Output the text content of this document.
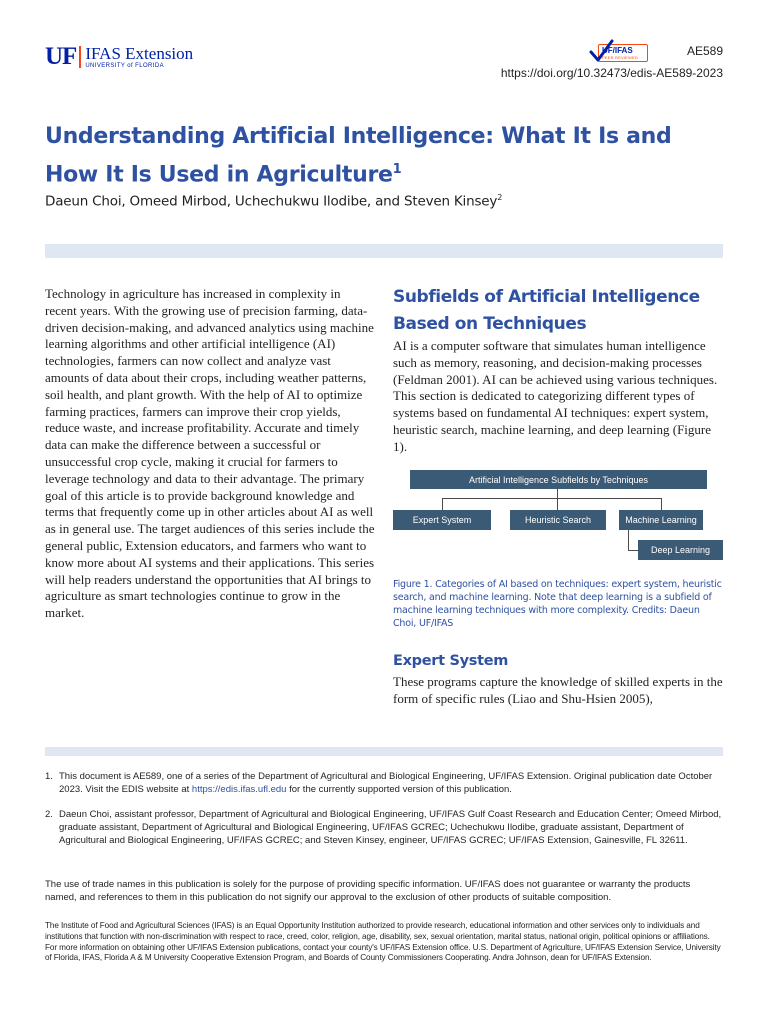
UF IFAS Extension
UNIVERSITY of FLORIDA
UF/IFAS
PEER REVIEWED	AE589
https://doi.org/10.32473/edis-AE589-2023
Understanding Artificial Intelligence: What It Is and How It Is Used in Agriculture$^1$
Daeun Choi, Omeed Mirbod, Uchechukwu Ilodibe, and Steven Kinsey$^2$

Technology in agriculture has increased in complexity in recent years. With the growing use of precision farming, data-driven decision-making, and advanced analytics using machine learning algorithms and other artificial intelligence (AI) technologies, farmers can now collect and analyze vast amounts of data about their crops, including weather patterns, soil health, and plant growth. With the help of AI to optimize farming practices, farmers can improve their crop yields, reduce waste, and increase profitability. Accurate and timely data can make the difference between a successful or unsuccessful crop cycle, making it crucial for farmers to leverage technology and data to their advantage. The primary goal of this article is to provide background knowledge and terms that frequently come up in other articles about AI as well as in general use. The target audiences of this series include the general public, Extension educators, and farmers who want to know more about AI systems and their applications. This series will help readers understand the opportunities that AI brings to agriculture as smart technologies continue to grow in the market.

Subfields of Artificial Intelligence Based on Techniques

AI is a computer software that simulates human intelligence such as memory, reasoning, and decision-making processes (Feldman 2001). AI can be achieved using various techniques. This section is dedicated to categorizing different types of systems based on fundamental AI techniques: expert system, heuristic search, machine learning, and deep learning (Figure 1).

Artificial Intelligence Subfields by Techniques
Expert System	Heuristic Search	Machine Learning
Deep Learning

Figure 1. Categories of AI based on techniques: expert system, heuristic search, and machine learning. Note that deep learning is a subfield of machine learning techniques with more complexity. Credits: Daeun Choi, UF/IFAS

Expert System

These programs capture the knowledge of skilled experts in the form of specific rules (Liao and Shu-Hsien 2005),

1. This document is AE589, one of a series of the Department of Agricultural and Biological Engineering, UF/IFAS Extension. Original publication date October 2023. Visit the EDIS website at https://edis.ifas.ufl.edu for the currently supported version of this publication.
2. Daeun Choi, assistant professor, Department of Agricultural and Biological Engineering, UF/IFAS Gulf Coast Research and Education Center; Omeed Mirbod, graduate assistant, Department of Agricultural and Biological Engineering, UF/IFAS GCREC; Uchechukwu Ilodibe, graduate assistant, Department of Agricultural and Biological Engineering, UF/IFAS GCREC; and Steven Kinsey, engineer, UF/IFAS GCREC; UF/IFAS Extension, Gainesville, FL 32611.

The use of trade names in this publication is solely for the purpose of providing specific information. UF/IFAS does not guarantee or warranty the products named, and references to them in this publication do not signify our approval to the exclusion of other products of suitable composition.

The Institute of Food and Agricultural Sciences (IFAS) is an Equal Opportunity Institution authorized to provide research, educational information and other services only to individuals and institutions that function with non-discrimination with respect to race, creed, color, religion, age, disability, sex, sexual orientation, marital status, national origin, political opinions or affiliations. For more information on obtaining other UF/IFAS Extension publications, contact your county's UF/IFAS Extension office. U.S. Department of Agriculture, UF/IFAS Extension Service, University of Florida, IFAS, Florida A & M University Cooperative Extension Program, and Boards of County Commissioners Cooperating. Andra Johnson, dean for UF/IFAS Extension.
